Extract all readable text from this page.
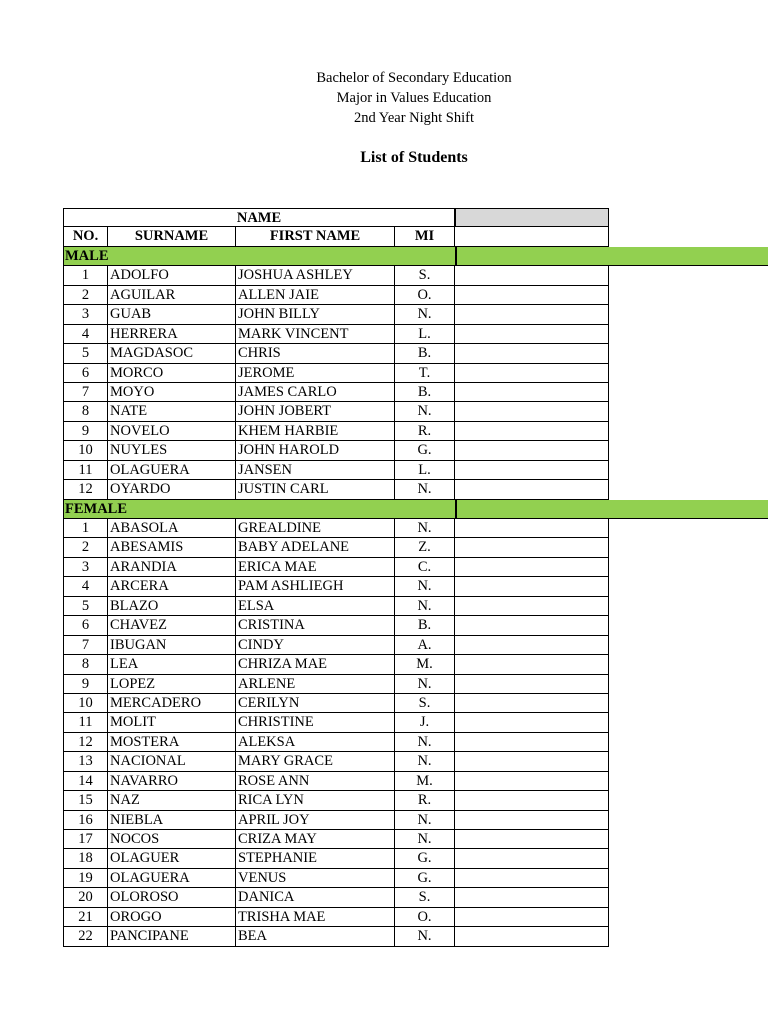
Bachelor of Secondary Education
Major in Values Education
2nd Year Night Shift
List of Students
NAME
NO.	SURNAME	FIRST NAME	MI
MALE
1	ADOLFO	JOSHUA ASHLEY	S.
2	AGUILAR	ALLEN JAIE	O.
3	GUAB	JOHN BILLY	N.
4	HERRERA	MARK VINCENT	L.
5	MAGDASOC	CHRIS	B.
6	MORCO	JEROME	T.
7	MOYO	JAMES CARLO	B.
8	NATE	JOHN JOBERT	N.
9	NOVELO	KHEM HARBIE	R.
10	NUYLES	JOHN HAROLD	G.
11	OLAGUERA	JANSEN	L.
12	OYARDO	JUSTIN CARL	N.
FEMALE
1	ABASOLA	GREALDINE	N.
2	ABESAMIS	BABY ADELANE	Z.
3	ARANDIA	ERICA MAE	C.
4	ARCERA	PAM ASHLIEGH	N.
5	BLAZO	ELSA	N.
6	CHAVEZ	CRISTINA	B.
7	IBUGAN	CINDY	A.
8	LEA	CHRIZA MAE	M.
9	LOPEZ	ARLENE	N.
10	MERCADERO	CERILYN	S.
11	MOLIT	CHRISTINE	J.
12	MOSTERA	ALEKSA	N.
13	NACIONAL	MARY GRACE	N.
14	NAVARRO	ROSE ANN	M.
15	NAZ	RICA LYN	R.
16	NIEBLA	APRIL JOY	N.
17	NOCOS	CRIZA MAY	N.
18	OLAGUER	STEPHANIE	G.
19	OLAGUERA	VENUS	G.
20	OLOROSO	DANICA	S.
21	OROGO	TRISHA MAE	O.
22	PANCIPANE	BEA	N.
